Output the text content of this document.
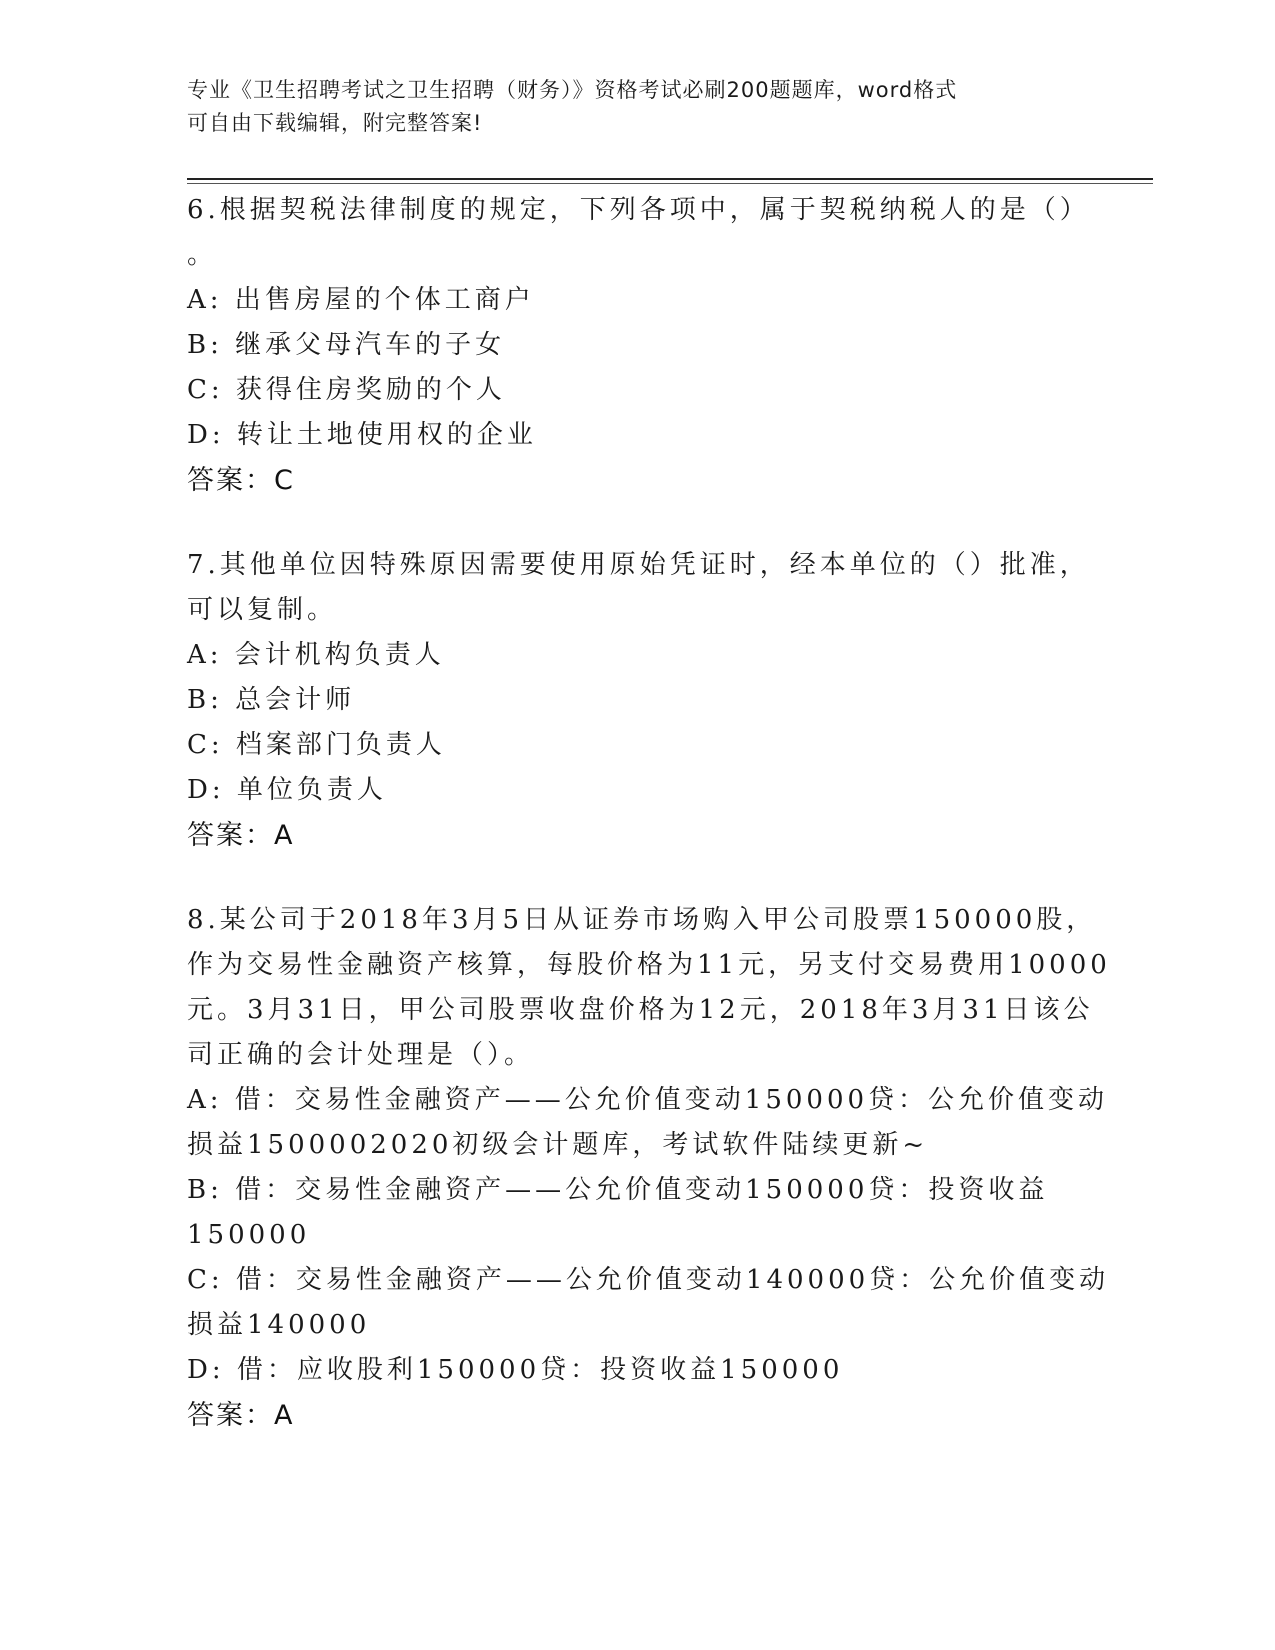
专业《卫生招聘考试之卫生招聘（财务）》资格考试必刷200题题库，word格式

可自由下载编辑，附完整答案!

6.根据契税法律制度的规定，下列各项中，属于契税纳税人的是（）

。

A: 出售房屋的个体工商户

B: 继承父母汽车的子女

C: 获得住房奖励的个人

D: 转让土地使用权的企业

答案：C

7.其他单位因特殊原因需要使用原始凭证时，经本单位的（）批准，

可以复制。

A: 会计机构负责人

B: 总会计师

C: 档案部门负责人

D: 单位负责人

答案：A

8.某公司于2018年3月5日从证券市场购入甲公司股票150000股，

作为交易性金融资产核算，每股价格为11元，另支付交易费用10000

元。3月31日，甲公司股票收盘价格为12元，2018年3月31日该公

司正确的会计处理是（）。

A: 借：交易性金融资产——公允价值变动150000贷：公允价值变动

损益1500002020初级会计题库，考试软件陆续更新~

B: 借：交易性金融资产——公允价值变动150000贷：投资收益

150000

C: 借：交易性金融资产——公允价值变动140000贷：公允价值变动

损益140000

D: 借：应收股利150000贷：投资收益150000

答案：A
